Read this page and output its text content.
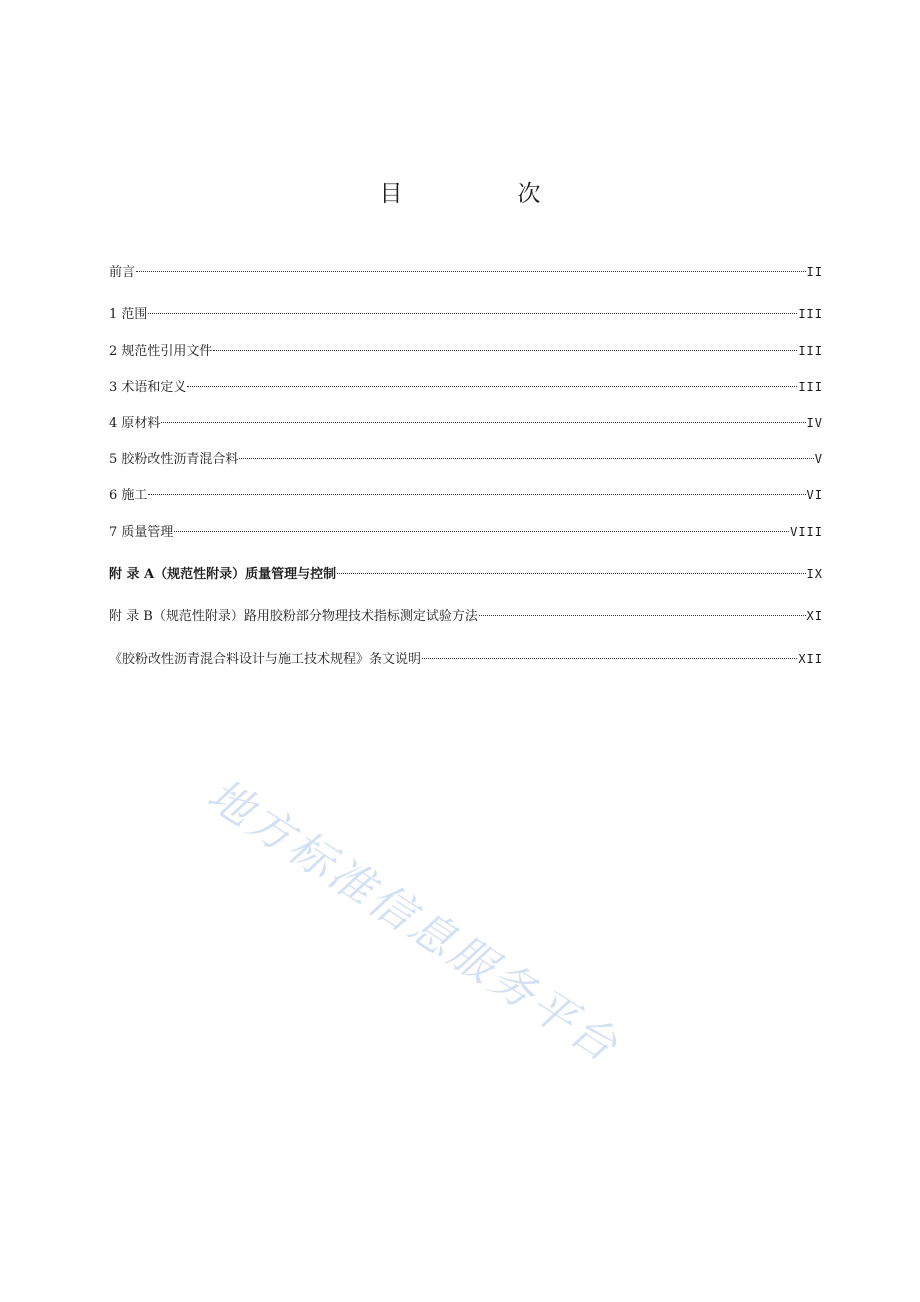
目　次
前言	II
1 范围	III
2 规范性引用文件	III
3 术语和定义	III
4 原材料	IV
5 胶粉改性沥青混合料	V
6 施工	VI
7 质量管理	VIII
附 录 A（规范性附录）质量管理与控制	IX
附 录 B（规范性附录）路用胶粉部分物理技术指标测定试验方法	XI
《胶粉改性沥青混合料设计与施工技术规程》条文说明	XII
地方标准信息服务平台
